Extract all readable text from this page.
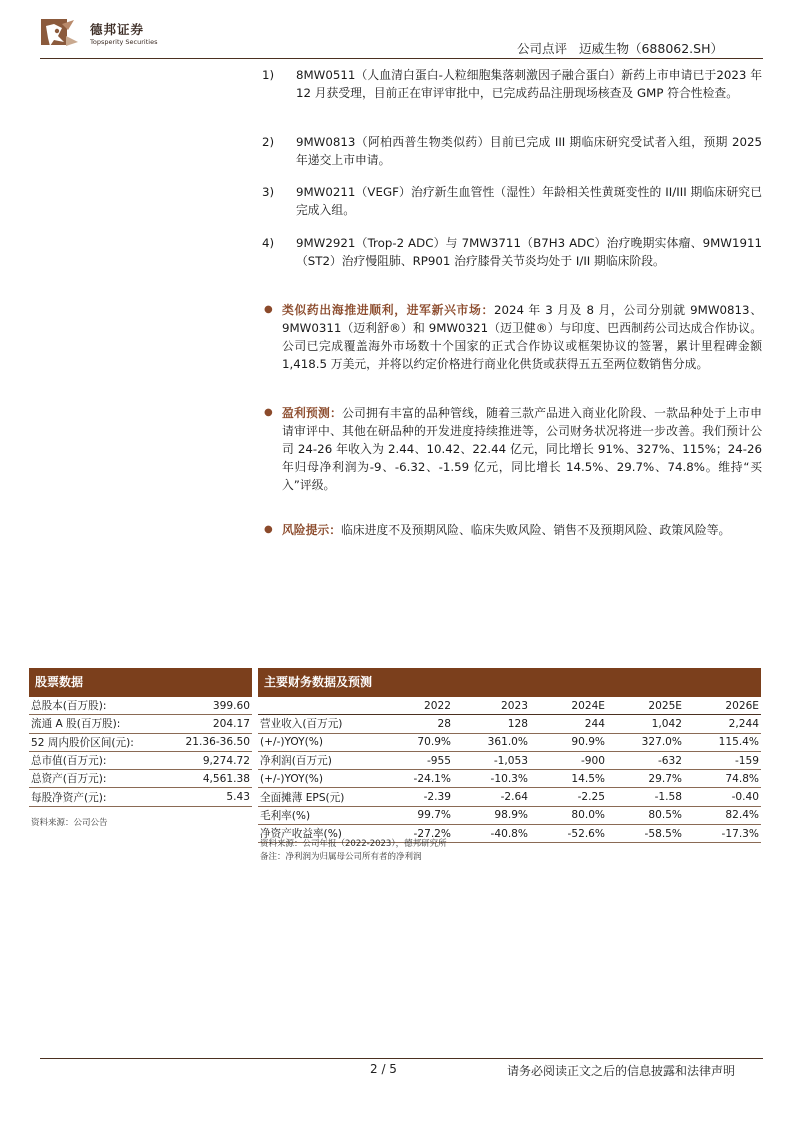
德邦证券
Topsperity Securities	公司点评 迈威生物（688062.SH）
1)	8MW0511（人血清白蛋白-人粒细胞集落刺激因子融合蛋白）新药上市申请已于2023 年 12 月获受理，目前正在审评审批中，已完成药品注册现场核查及 GMP 符合性检查。
2)	9MW0813（阿柏西普生物类似药）目前已完成 III 期临床研究受试者入组，预期 2025 年递交上市申请。
3)	9MW0211（VEGF）治疗新生血管性（湿性）年龄相关性黄斑变性的 II/III 期临床研究已完成入组。
4)	9MW2921（Trop-2 ADC）与 7MW3711（B7H3 ADC）治疗晚期实体瘤、9MW1911（ST2）治疗慢阻肺、RP901 治疗膝骨关节炎均处于 I/II 期临床阶段。
● 类似药出海推进顺利，进军新兴市场：2024 年 3 月及 8 月，公司分别就 9MW0813、9MW0311（迈利舒®）和 9MW0321（迈卫健®）与印度、巴西制药公司达成合作协议。公司已完成覆盖海外市场数十个国家的正式合作协议或框架协议的签署，累计里程碑金额 1,418.5 万美元，并将以约定价格进行商业化供货或获得五五至两位数销售分成。
● 盈利预测：公司拥有丰富的品种管线，随着三款产品进入商业化阶段、一款品种处于上市申请审评中、其他在研品种的开发进度持续推进等，公司财务状况将进一步改善。我们预计公司 24-26 年收入为 2.44、10.42、22.44 亿元，同比增长 91%、327%、115%；24-26 年归母净利润为-9、-6.32、-1.59 亿元，同比增长 14.5%、29.7%、74.8%。维持“买入”评级。
● 风险提示：临床进度不及预期风险、临床失败风险、销售不及预期风险、政策风险等。
股票数据
总股本(百万股):	399.60
流通 A 股(百万股):	204.17
52 周内股价区间(元):	21.36-36.50
总市值(百万元):	9,274.72
总资产(百万元):	4,561.38
每股净资产(元):	5.43
资料来源：公司公告
主要财务数据及预测
	2022	2023	2024E	2025E	2026E
营业收入(百万元)	28	128	244	1,042	2,244
(+/-)YOY(%)	70.9%	361.0%	90.9%	327.0%	115.4%
净利润(百万元)	-955	-1,053	-900	-632	-159
(+/-)YOY(%)	-24.1%	-10.3%	14.5%	29.7%	74.8%
全面摊薄 EPS(元)	-2.39	-2.64	-2.25	-1.58	-0.40
毛利率(%)	99.7%	98.9%	80.0%	80.5%	82.4%
净资产收益率(%)	-27.2%	-40.8%	-52.6%	-58.5%	-17.3%
资料来源：公司年报（2022-2023），德邦研究所
备注：净利润为归属母公司所有者的净利润
2 / 5	请务必阅读正文之后的信息披露和法律声明
